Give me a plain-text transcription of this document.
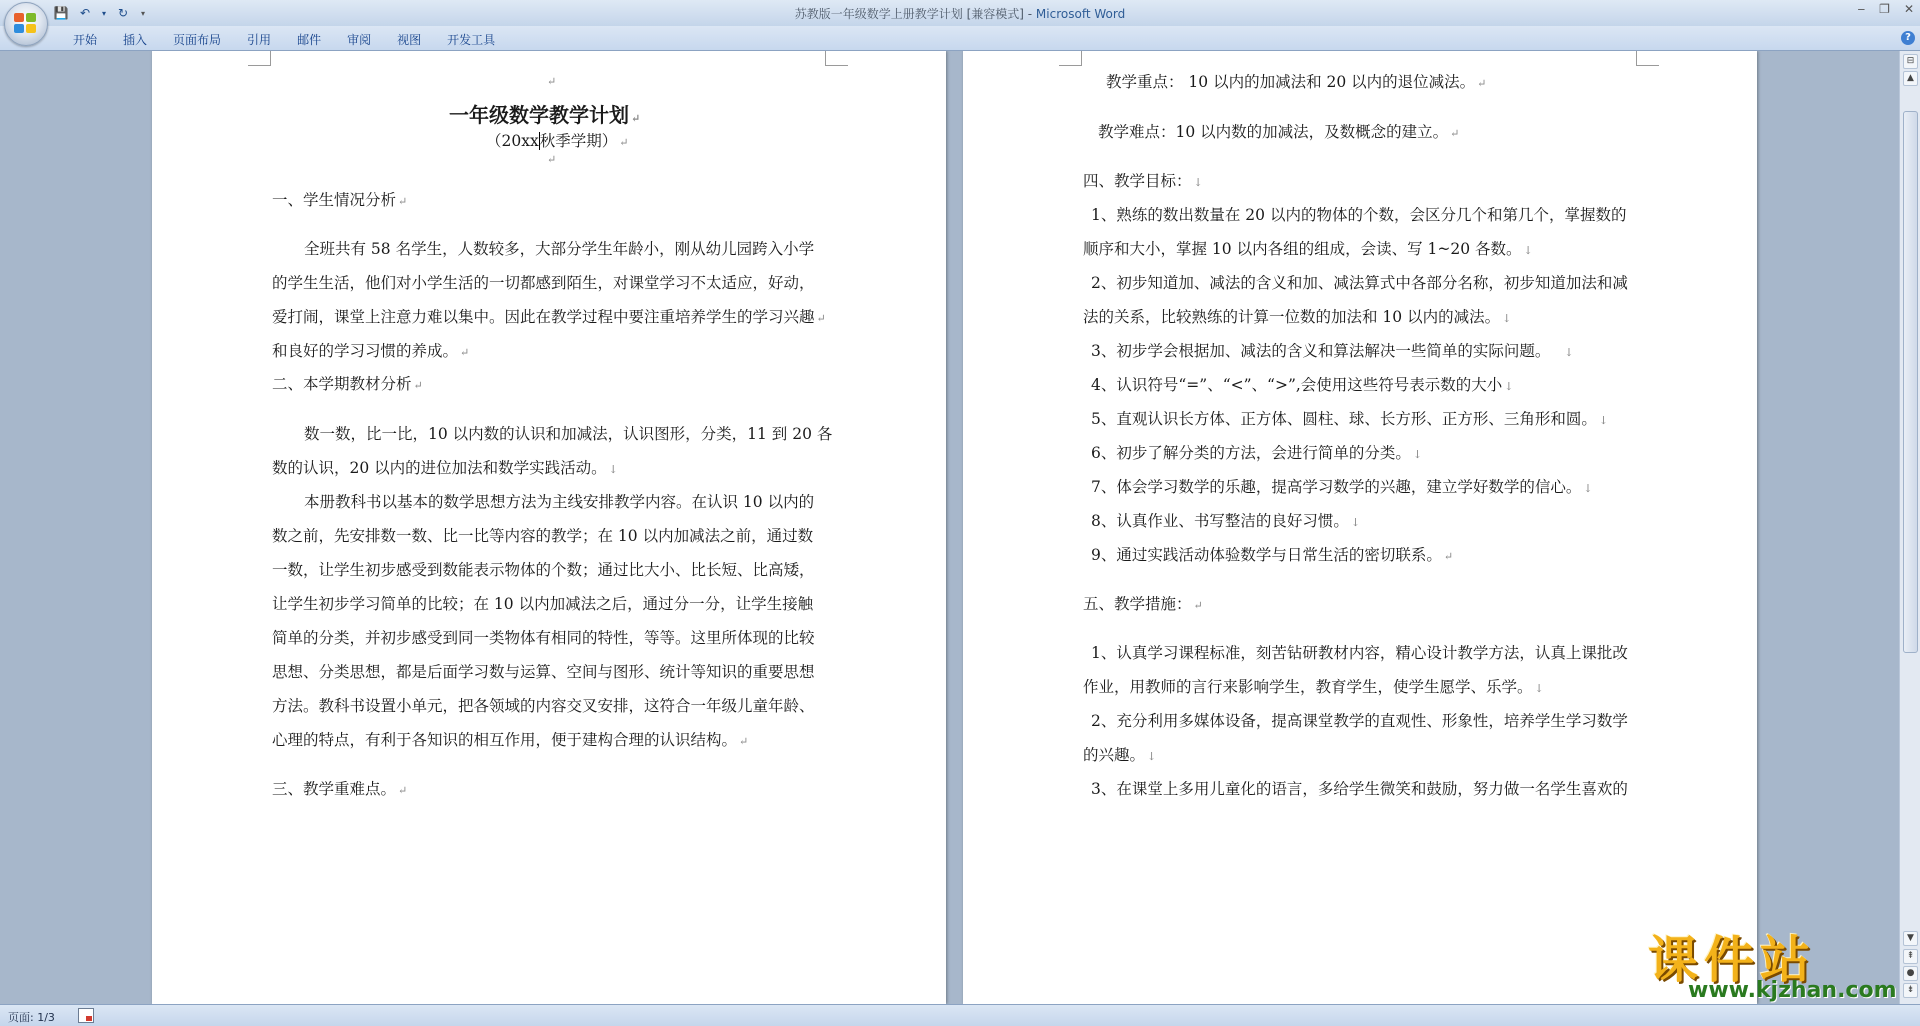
💾 ↶	▾ ↻	▾	苏教版一年级数学上册教学计划 [兼容模式] - Microsoft Word	‒ ❐ ✕
开始	插入	页面布局	引用	邮件	审阅	视图	开发工具	?
↵
一年级数学教学计划 ↵
（20xx秋季学期） ↵
↵
一、学生情况分析 ↵
全班共有 58 名学生，人数较多，大部分学生年龄小，刚从幼儿园跨入小学
的学生生活，他们对小学生活的一切都感到陌生，对课堂学习不太适应，好动，
爱打闹，课堂上注意力难以集中。因此在教学过程中要注重培养学生的学习兴趣 ↵
和良好的学习习惯的养成。 ↵
二、本学期教材分析 ↵
数一数，比一比，10 以内数的认识和加减法，认识图形，分类，11 到 20 各
数的认识，20 以内的进位加法和数学实践活动。 ↓
本册教科书以基本的数学思想方法为主线安排教学内容。在认识 10 以内的
数之前，先安排数一数、比一比等内容的教学；在 10 以内加减法之前，通过数
一数，让学生初步感受到数能表示物体的个数；通过比大小、比长短、比高矮，
让学生初步学习简单的比较；在 10 以内加减法之后，通过分一分，让学生接触
简单的分类，并初步感受到同一类物体有相同的特性，等等。这里所体现的比较
思想、分类思想，都是后面学习数与运算、空间与图形、统计等知识的重要思想
方法。教科书设置小单元，把各领域的内容交叉安排，这符合一年级儿童年龄、
心理的特点，有利于各知识的相互作用，便于建构合理的认识结构。 ↵
三、教学重难点。 ↵
教学重点： 10 以内的加减法和 20 以内的退位减法。 ↵
教学难点：10 以内数的加减法，及数概念的建立。 ↵
四、教学目标： ↓
1、熟练的数出数量在 20 以内的物体的个数，会区分几个和第几个，掌握数的
顺序和大小，掌握 10 以内各组的组成，会读、写 1~20 各数。 ↓
2、初步知道加、减法的含义和加、减法算式中各部分名称，初步知道加法和减
法的关系，比较熟练的计算一位数的加法和 10 以内的减法。 ↓
3、初步学会根据加、减法的含义和算法解决一些简单的实际问题。 ↓
4、认识符号“=”、“<”、“>”,会使用这些符号表示数的大小 ↓
5、直观认识长方体、正方体、圆柱、球、长方形、正方形、三角形和圆。 ↓
6、初步了解分类的方法，会进行简单的分类。 ↓
7、体会学习数学的乐趣，提高学习数学的兴趣，建立学好数学的信心。 ↓
8、认真作业、书写整洁的良好习惯。 ↓
9、通过实践活动体验数学与日常生活的密切联系。 ↵
五、教学措施： ↵
1、认真学习课程标准，刻苦钻研教材内容，精心设计教学方法，认真上课批改
作业，用教师的言行来影响学生，教育学生，使学生愿学、乐学。 ↓
2、充分利用多媒体设备，提高课堂教学的直观性、形象性，培养学生学习数学
的兴趣。 ↓
3、在课堂上多用儿童化的语言，多给学生微笑和鼓励，努力做一名学生喜欢的
⊟
▲
▼
⇞
●
⇟
页面: 1/3
课件站
www.kjzhan.com
